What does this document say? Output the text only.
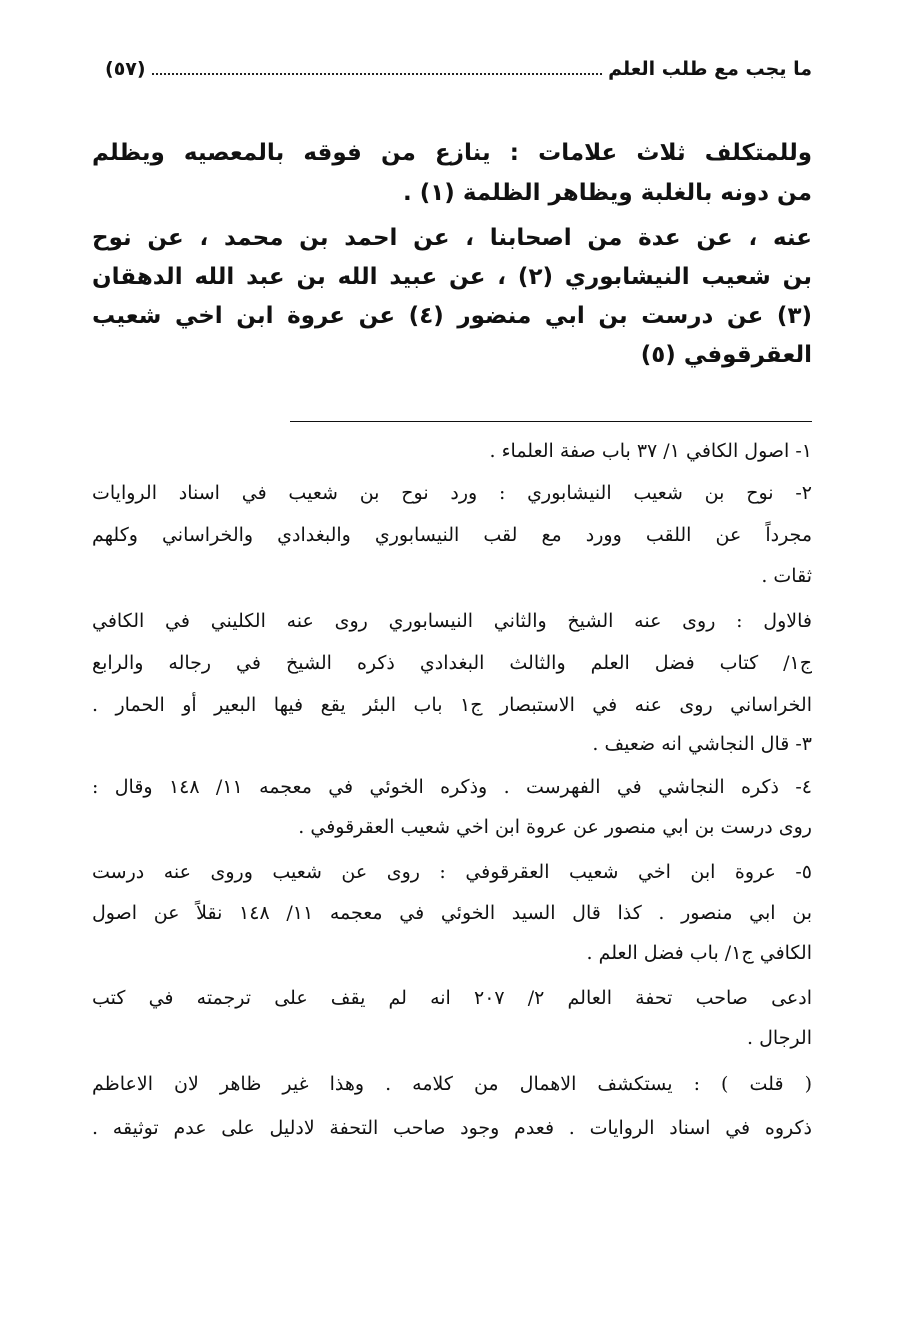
ما يجب مع طلب العلم
(٥٧)
وللمتكلف ثلاث علامات : ينازع من فوقه بالمعصيه ويظلم
من دونه بالغلبة ويظاهر الظلمة (١) .
عنه ، عن عدة من اصحابنا ، عن احمد بن محمد ، عن نوح
بن شعيب النيشابوري (٢) ، عن عبيد الله بن عبد الله الدهقان
(٣) عن درست بن ابي منضور (٤) عن عروة ابن اخي شعيب
العقرقوفي (٥)
١- اصول الكافي ١/ ٣٧ باب صفة العلماء .
٢- نوح بن شعيب النيشابوري : ورد نوح بن شعيب في اسناد الروايات
مجرداً عن اللقب وورد مع لقب النيسابوري والبغدادي والخراساني وكلهم
ثقات .
فالاول : روى عنه الشيخ والثاني النيسابوري روى عنه الكليني في الكافي
ج١/ كتاب فضل العلم والثالث البغدادي ذكره الشيخ في رجاله والرابع
الخراساني روى عنه في الاستبصار ج١ باب البئر يقع فيها البعير أو الحمار .
٣- قال النجاشي انه ضعيف .
٤- ذكره النجاشي في الفهرست . وذكره الخوئي في معجمه ١١/ ١٤٨ وقال :
روى درست بن ابي منصور عن عروة ابن اخي شعيب العقرقوفي .
٥- عروة ابن اخي شعيب العقرقوفي : روى عن شعيب وروى عنه درست
بن ابي منصور . كذا قال السيد الخوئي في معجمه ١١/ ١٤٨ نقلاً عن اصول
الكافي ج١/ باب فضل العلم .
ادعى صاحب تحفة العالم ٢/ ٢٠٧ انه لم يقف على ترجمته في كتب
الرجال .
( قلت ) : يستكشف الاهمال من كلامه . وهذا غير ظاهر لان الاعاظم
ذكروه في اسناد الروايات . فعدم وجود صاحب التحفة لادليل على عدم توثيقه .
